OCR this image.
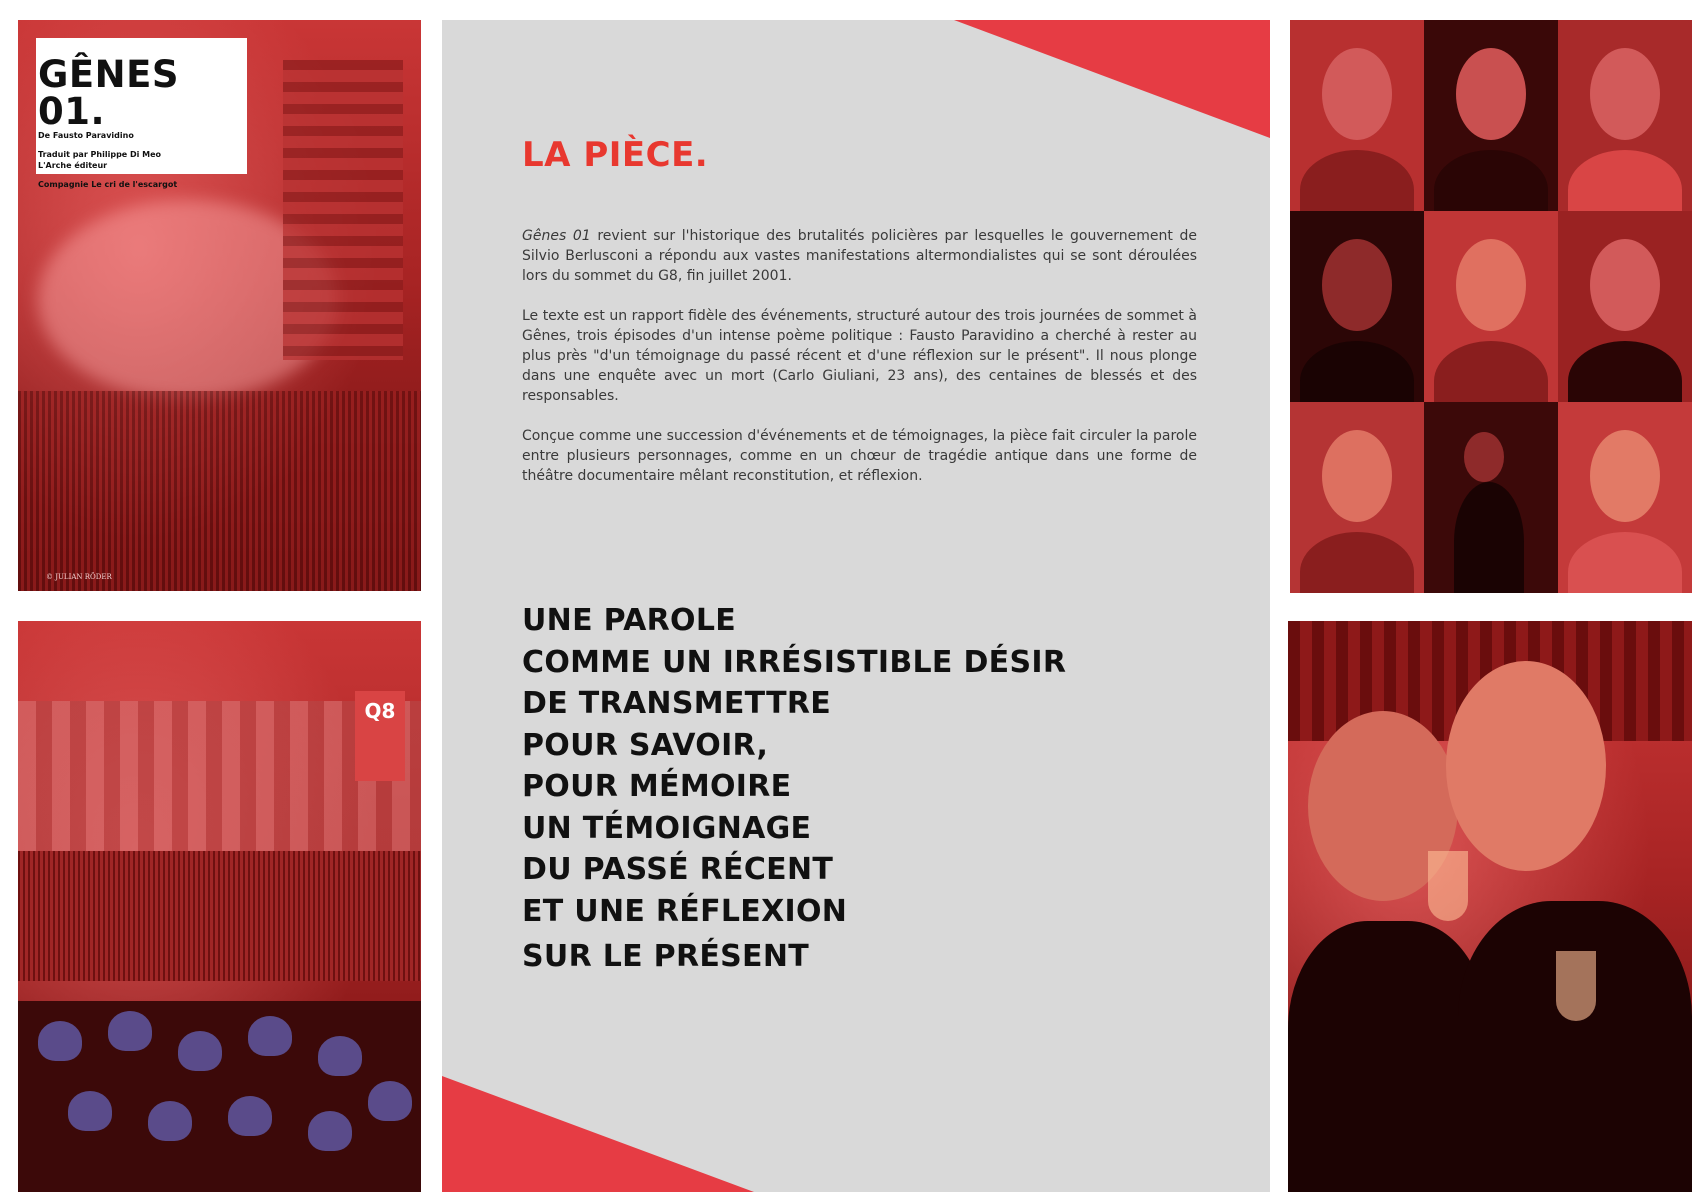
GÊNES 01.
De Fausto Paravidino
Traduit par Philippe Di Meo
L'Arche éditeur
Compagnie Le cri de l'escargot
© JULIAN RÖDER
Q8
LA PIÈCE.
Gênes 01 revient sur l'historique des brutalités policières par lesquelles le gouvernement de Silvio Berlusconi a répondu aux vastes manifestations altermondialistes qui se sont déroulées lors du sommet du G8, fin juillet 2001.
Le texte est un rapport fidèle des événements, structuré autour des trois journées de sommet à Gênes, trois épisodes d'un intense poème politique : Fausto Paravidino a cherché à rester au plus près "d'un témoignage du passé récent et d'une réflexion sur le présent". Il nous plonge dans une enquête avec un mort (Carlo Giuliani, 23 ans), des centaines de blessés et des responsables.
Conçue comme une succession d'événements et de témoignages, la pièce fait circuler la parole entre plusieurs personnages, comme en un chœur de tragédie antique dans une forme de théâtre documentaire mêlant reconstitution, et réflexion.
UNE PAROLE
COMME UN IRRÉSISTIBLE DÉSIR
DE TRANSMETTRE
POUR SAVOIR,
POUR MÉMOIRE
UN TÉMOIGNAGE
DU PASSÉ RÉCENT
ET UNE RÉFLEXION
SUR LE PRÉSENT
